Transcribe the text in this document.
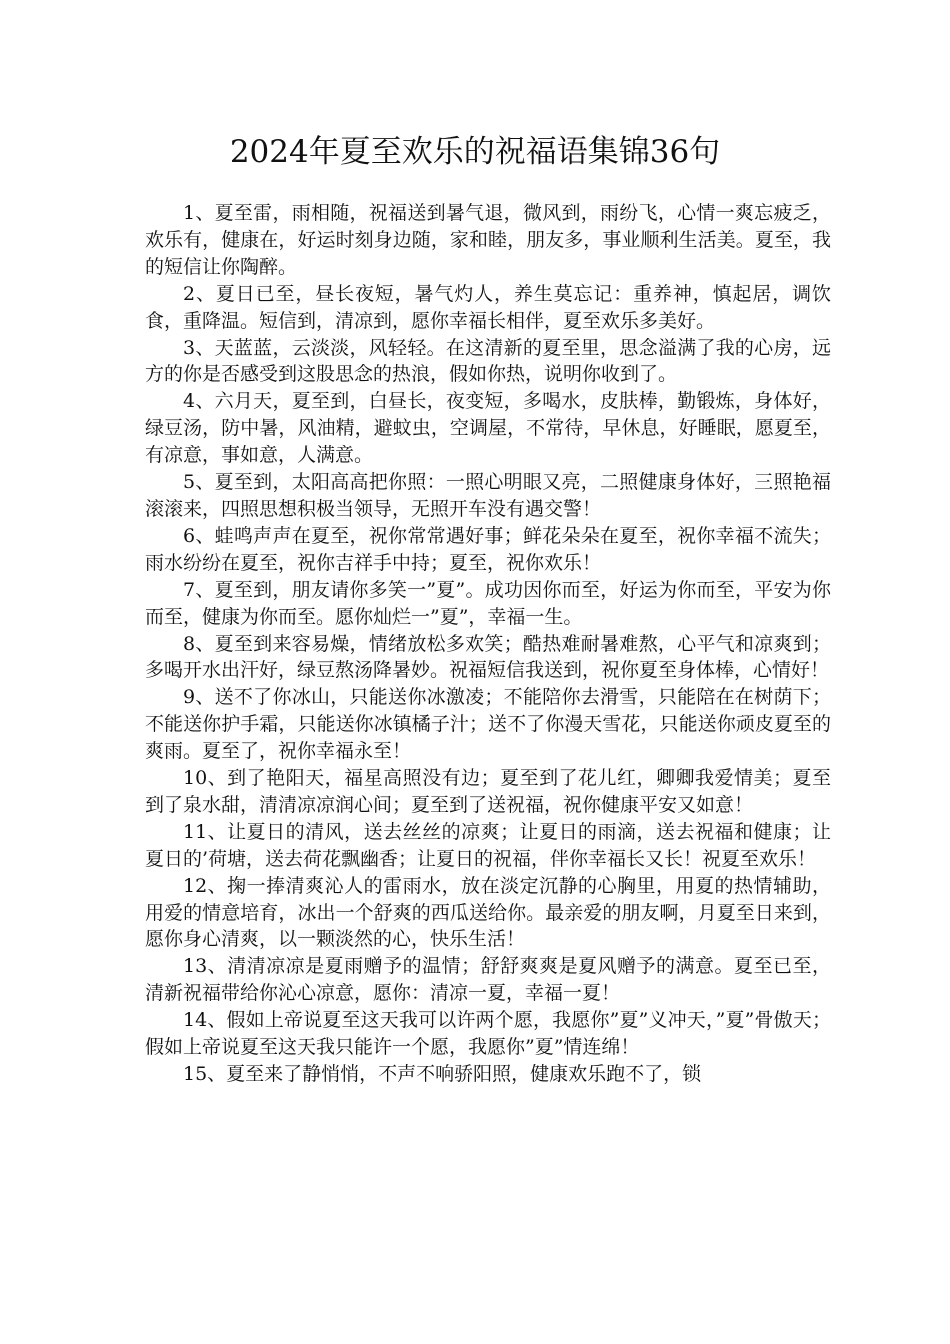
2024年夏至欢乐的祝福语集锦36句

1、夏至雷，雨相随，祝福送到暑气退，微风到，雨纷飞，心情一爽忘疲乏，欢乐有，健康在，好运时刻身边随，家和睦，朋友多，事业顺利生活美。夏至，我的短信让你陶醉。

2、夏日已至，昼长夜短，暑气灼人，养生莫忘记：重养神，慎起居，调饮食，重降温。短信到，清凉到，愿你幸福长相伴，夏至欢乐多美好。

3、天蓝蓝，云淡淡，风轻轻。在这清新的夏至里，思念溢满了我的心房，远方的你是否感受到这股思念的热浪，假如你热，说明你收到了。

4、六月天，夏至到，白昼长，夜变短，多喝水，皮肤棒，勤锻炼，身体好，绿豆汤，防中暑，风油精，避蚊虫，空调屋，不常待，早休息，好睡眠，愿夏至，有凉意，事如意，人满意。

5、夏至到，太阳高高把你照：一照心明眼又亮，二照健康身体好，三照艳福滚滚来，四照思想积极当领导，无照开车没有遇交警！

6、蛙鸣声声在夏至，祝你常常遇好事；鲜花朵朵在夏至，祝你幸福不流失；雨水纷纷在夏至，祝你吉祥手中持；夏至，祝你欢乐！

7、夏至到，朋友请你多笑一”夏”。成功因你而至，好运为你而至，平安为你而至，健康为你而至。愿你灿烂一”夏”，幸福一生。

8、夏至到来容易燥，情绪放松多欢笑；酷热难耐暑难熬，心平气和凉爽到；多喝开水出汗好，绿豆熬汤降暑妙。祝福短信我送到，祝你夏至身体棒，心情好！

9、送不了你冰山，只能送你冰激凌；不能陪你去滑雪，只能陪在在树荫下；不能送你护手霜，只能送你冰镇橘子汁；送不了你漫天雪花，只能送你顽皮夏至的爽雨。夏至了，祝你幸福永至！

10、到了艳阳天，福星高照没有边；夏至到了花儿红，卿卿我爱情美；夏至到了泉水甜，清清凉凉润心间；夏至到了送祝福，祝你健康平安又如意！

11、让夏日的清风，送去丝丝的凉爽；让夏日的雨滴，送去祝福和健康；让夏日的’荷塘，送去荷花飘幽香；让夏日的祝福，伴你幸福长又长！祝夏至欢乐！

12、掬一捧清爽沁人的雷雨水，放在淡定沉静的心胸里，用夏的热情辅助，用爱的情意培育，冰出一个舒爽的西瓜送给你。最亲爱的朋友啊，月夏至日来到，愿你身心清爽，以一颗淡然的心，快乐生活！

13、清清凉凉是夏雨赠予的温情；舒舒爽爽是夏风赠予的满意。夏至已至，清新祝福带给你沁心凉意，愿你：清凉一夏，幸福一夏！

14、假如上帝说夏至这天我可以许两个愿，我愿你”夏”义冲天，”夏”骨傲天；假如上帝说夏至这天我只能许一个愿，我愿你”夏”情连绵！

15、夏至来了静悄悄，不声不响骄阳照，健康欢乐跑不了，锁
